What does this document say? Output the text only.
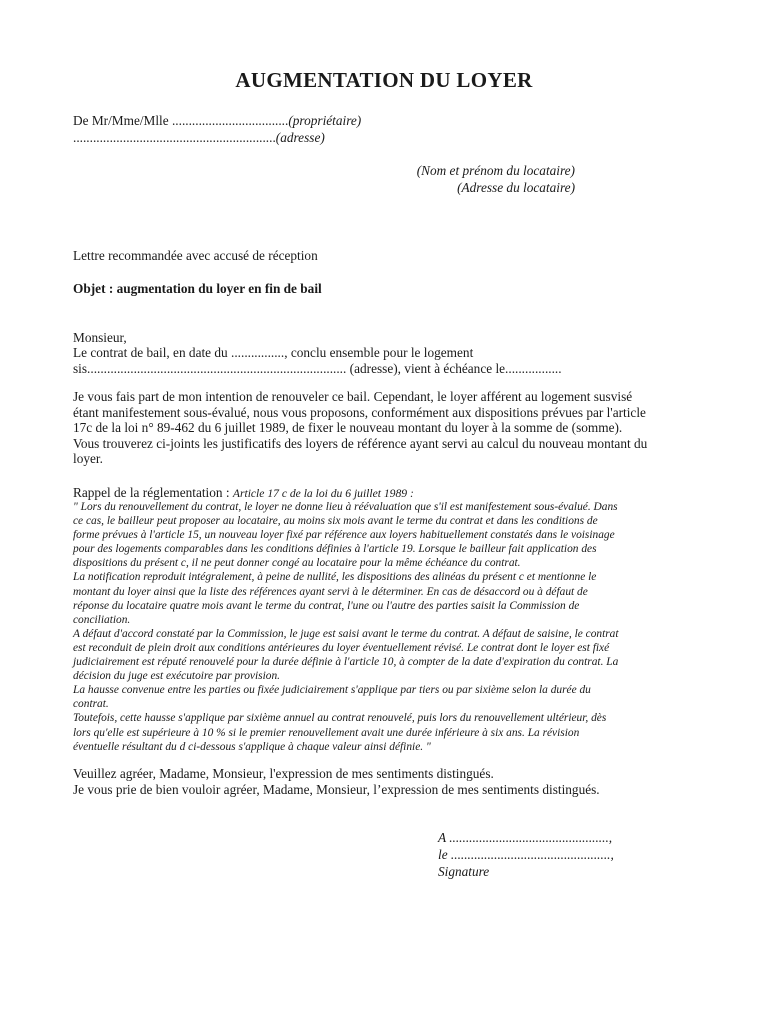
AUGMENTATION DU LOYER
De Mr/Mme/Mlle ...................................(propriétaire)
.............................................................(adresse)
(Nom et prénom du locataire)
(Adresse du locataire)
Lettre recommandée avec accusé de réception
Objet : augmentation du loyer en fin de bail
Monsieur,
Le contrat de bail, en date du ................, conclu ensemble pour le logement
sis.............................................................................. (adresse), vient à échéance le.................
Je vous fais part de mon intention de renouveler ce bail. Cependant, le loyer afférent au logement susvisé
étant manifestement sous-évalué, nous vous proposons, conformément aux dispositions prévues par l'article
17c de la loi n° 89-462 du 6 juillet 1989, de fixer le nouveau montant du loyer à la somme de (somme).
Vous trouverez ci-joints les justificatifs des loyers de référence ayant servi au calcul du nouveau montant du
loyer.
Rappel de la réglementation : Article 17 c de la loi du 6 juillet 1989 :
" Lors du renouvellement du contrat, le loyer ne donne lieu à réévaluation que s'il est manifestement sous-évalué. Dans
ce cas, le bailleur peut proposer au locataire, au moins six mois avant le terme du contrat et dans les conditions de
forme prévues à l'article 15, un nouveau loyer fixé par référence aux loyers habituellement constatés dans le voisinage
pour des logements comparables dans les conditions définies à l'article 19. Lorsque le bailleur fait application des
dispositions du présent c, il ne peut donner congé au locataire pour la même échéance du contrat.
La notification reproduit intégralement, à peine de nullité, les dispositions des alinéas du présent c et mentionne le
montant du loyer ainsi que la liste des références ayant servi à le déterminer. En cas de désaccord ou à défaut de
réponse du locataire quatre mois avant le terme du contrat, l'une ou l'autre des parties saisit la Commission de
conciliation.
A défaut d'accord constaté par la Commission, le juge est saisi avant le terme du contrat. A défaut de saisine, le contrat
est reconduit de plein droit aux conditions antérieures du loyer éventuellement révisé. Le contrat dont le loyer est fixé
judiciairement est réputé renouvelé pour la durée définie à l'article 10, à compter de la date d'expiration du contrat. La
décision du juge est exécutoire par provision.
La hausse convenue entre les parties ou fixée judiciairement s'applique par tiers ou par sixième selon la durée du
contrat.
Toutefois, cette hausse s'applique par sixième annuel au contrat renouvelé, puis lors du renouvellement ultérieur, dès
lors qu'elle est supérieure à 10 % si le premier renouvellement avait une durée inférieure à six ans. La révision
éventuelle résultant du d ci-dessous s'applique à chaque valeur ainsi définie. "
Veuillez agréer, Madame, Monsieur, l'expression de mes sentiments distingués.
Je vous prie de bien vouloir agréer, Madame, Monsieur, l’expression de mes sentiments distingués.
A ................................................,
le ................................................,
Signature
